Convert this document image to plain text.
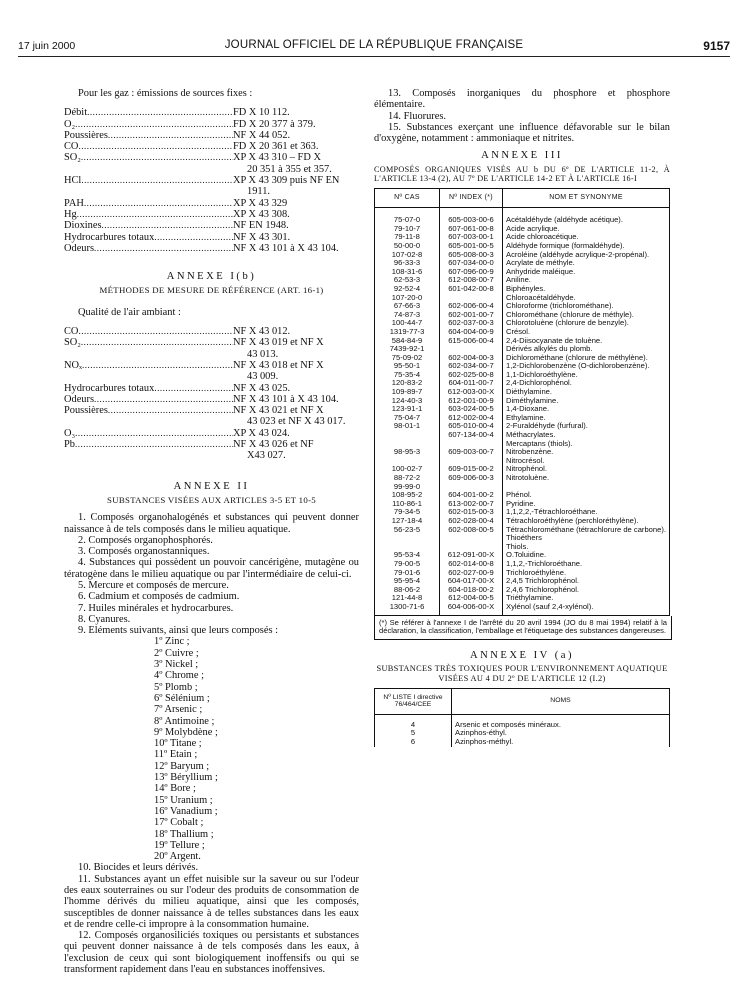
17 juin 2000	JOURNAL OFFICIEL DE LA RÉPUBLIQUE FRANÇAISE	9157

Pour les gaz : émissions de sources fixes :

Débit .....	FD X 10 112.
O₂ .....	FD X 20 377 à 379.
Poussières .....	NF X 44 052.
CO .....	FD X 20 361 et 363.
SO₂ .....	XP X 43 310 – FD X
20 351 à 355 et 357.
HCl .....	XP X 43 309 puis NF EN
1911.
PAH .....	XP X 43 329
Hg .....	XP X 43 308.
Dioxines .....	NF EN 1948.
Hydrocarbures totaux .....	NF X 43 301.
Odeurs .....	NF X 43 101 à X 43 104.
ANNEXE I(b)
MÉTHODES DE MESURE DE RÉFÉRENCE (ART. 16-1)

Qualité de l'air ambiant :

CO .....	NF X 43 012.
SO₂ .....	NF X 43 019 et NF X
43 013.
NOₓ .....	NF X 43 018 et NF X
43 009.
Hydrocarbures totaux .....	NF X 43 025.
Odeurs .....	NF X 43 101 à X 43 104.
Poussières .....	NF X 43 021 et NF X
43 023 et NF X 43 017.
O₃ .....	XP X 43 024.
Pb .....	NF X 43 026 et NF
X43 027.
ANNEXE II
SUBSTANCES VISÉES AUX ARTICLES 3-5 ET 10-5

1. Composés organohalogénés et substances qui peuvent donner naissance à de tels composés dans le milieu aquatique.

2. Composés organophosphorés.

3. Composés organostanniques.

4. Substances qui possèdent un pouvoir cancérigène, mutagène ou tératogène dans le milieu aquatique ou par l'intermédiaire de celui-ci.

5. Mercure et composés de mercure.

6. Cadmium et composés de cadmium.

7. Huiles minérales et hydrocarbures.

8. Cyanures.

9. Eléments suivants, ainsi que leurs composés :

1º Zinc ;
2º Cuivre ;
3º Nickel ;
4º Chrome ;
5º Plomb ;
6º Sélénium ;
7º Arsenic ;
8º Antimoine ;
9º Molybdène ;
10º Titane ;
11º Etain ;
12º Baryum ;
13º Béryllium ;
14º Bore ;
15º Uranium ;
16º Vanadium ;
17º Cobalt ;
18º Thallium ;
19º Tellure ;
20º Argent.

10. Biocides et leurs dérivés.

11. Substances ayant un effet nuisible sur la saveur ou sur l'odeur des eaux souterraines ou sur l'odeur des produits de consommation de l'homme dérivés du milieu aquatique, ainsi que les composés, susceptibles de donner naissance à de telles substances dans les eaux et de rendre celle-ci impropre à la consommation humaine.

12. Composés organosiliciés toxiques ou persistants et substances qui peuvent donner naissance à de tels composés dans les eaux, à l'exclusion de ceux qui sont biologiquement inoffensifs ou qui se transforment rapidement dans l'eau en substances inoffensives.

13. Composés inorganiques du phosphore et phosphore élémentaire.

14. Fluorures.

15. Substances exerçant une influence défavorable sur le bilan d'oxygène, notamment : ammoniaque et nitrites.

ANNEXE III
COMPOSÉS ORGANIQUES VISÉS AU b DU 6º DE L'ARTICLE 11-2, À L'ARTICLE 13-4 (2), AU 7º DE L'ARTICLE 14-2 ET À L'ARTICLE 16-I
Nº CAS	Nº INDEX (*)	NOM ET SYNONYME
75-07-0	605-003-00-6	Acétaldéhyde (aldéhyde acétique).
79-10-7	607-061-00-8	Acide acrylique.
79-11-8	607-003-00-1	Acide chloroacétique.
50-00-0	605-001-00-5	Aldéhyde formique (formaldéhyde).
107-02-8	605-008-00-3	Acroléine (aldéhyde acrylique-2-propénal).
96-33-3	607-034-00-0	Acrylate de méthyle.
108-31-6	607-096-00-9	Anhydride maléique.
62-53-3	612-008-00-7	Aniline.
92-52-4	601-042-00-8	Biphényles.
107-20-0		Chloroacétaldéhyde.
67-66-3	602-006-00-4	Chloroforme (trichlorométhane).
74-87-3	602-001-00-7	Chlorométhane (chlorure de méthyle).
100-44-7	602-037-00-3	Chlorotoluène (chlorure de benzyle).
1319-77-3	604-004-00-9	Crésol.
584-84-9	615-006-00-4	2,4-Diisocyanate de toluène.
7439-92-1		Dérivés alkylés du plomb.
75-09-02	602-004-00-3	Dichlorométhane (chlorure de méthylène).
95-50-1	602-034-00-7	1,2-Dichlorobenzène (O-dichlorobenzène).
75-35-4	602-025-00-8	1,1-Dichloroéthylène.
120-83-2	604-011-00-7	2,4-Dichlorophénol.
109-89-7	612-003-00-X	Diéthylamine.
124-40-3	612-001-00-9	Diméthylamine.
123-91-1	603-024-00-5	1,4-Dioxane.
75-04-7	612-002-00-4	Ethylamine.
98-01-1	605-010-00-4	2-Furaldéhyde (furfural).
	607-134-00-4	Méthacrylates.
		Mercaptans (thiols).
98-95-3	609-003-00-7	Nitrobenzène.
		Nitrocrésol.
100-02-7	609-015-00-2	Nitrophénol.
88-72-2	609-006-00-3	Nitrotoluène.
99-99-0		
108-95-2	604-001-00-2	Phénol.
110-86-1	613-002-00-7	Pyridine.
79-34-5	602-015-00-3	1,1,2,2,-Tétrachloroéthane.
127-18-4	602-028-00-4	Tétrachloroéthylène (perchloréthylène).
56-23-5	602-008-00-5	Tétrachlorométhane (tétrachlorure de carbone).
		Thioéthers
		Thiols.
95-53-4	612-091-00-X	O.Toluidine.
79-00-5	602-014-00-8	1,1,2,-Trichloroéthane.
79-01-6	602-027-00-9	Trichloroéthylène.
95-95-4	604-017-00-X	2,4,5 Trichlorophénol.
88-06-2	604-018-00-2	2,4,6 Trichlorophénol.
121-44-8	612-004-00-5	Triéthylamine.
1300-71-6	604-006-00-X	Xylénol (sauf 2,4-xylénol).
(*) Se référer à l'annexe I de l'arrêté du 20 avril 1994 (JO du 8 mai 1994) relatif à la déclaration, la classification, l'emballage et l'étiquetage des substances dangereuses.
ANNEXE IV (a)
SUBSTANCES TRÈS TOXIQUES POUR L'ENVIRONNEMENT AQUATIQUE VISÉES AU 4 DU 2º DE L'ARTICLE 12 (I.2)
Nº LISTE I directive 76/464/CEE	NOMS
4	Arsenic et composés minéraux.
5	Azinphos-éthyl.
6	Azinphos-méthyl.
